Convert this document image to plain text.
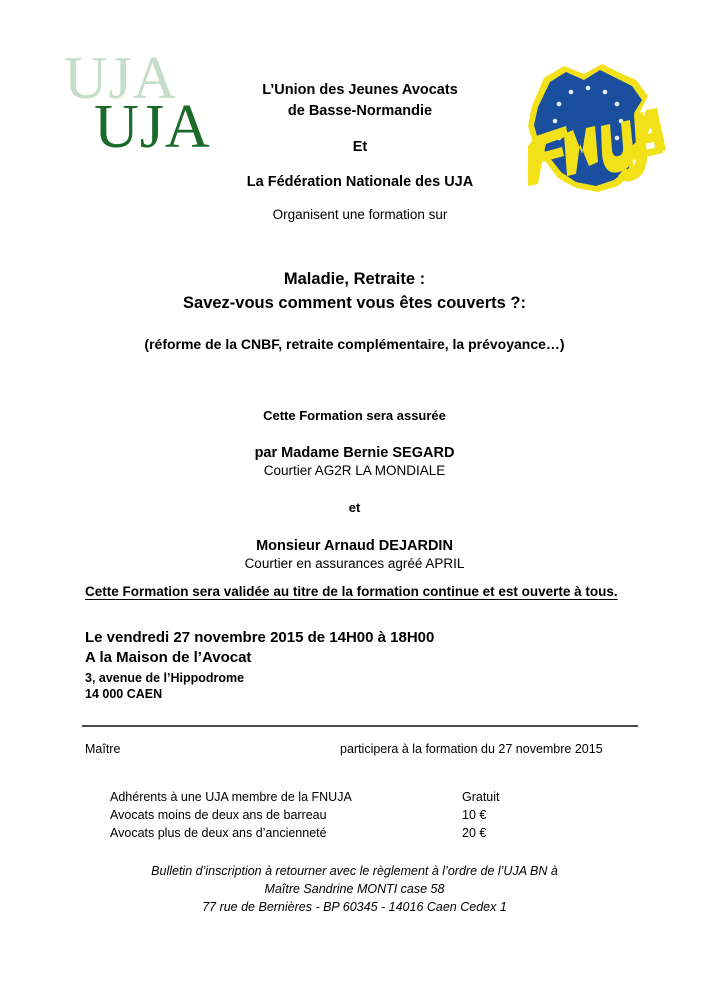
UJA
UJA
L’Union des Jeunes Avocats
de Basse-Normandie
Et
La Fédération Nationale des UJA
Organisent une formation sur
Maladie, Retraite :
Savez-vous comment vous êtes couverts ?:
(réforme de la CNBF, retraite complémentaire, la prévoyance…)
Cette Formation sera assurée
par Madame Bernie SEGARD
Courtier AG2R LA MONDIALE
et
Monsieur Arnaud DEJARDIN
Courtier en assurances agréé APRIL
Cette Formation sera validée au titre de la formation continue et est ouverte à tous.
Le vendredi 27 novembre 2015 de 14H00 à 18H00
A la Maison de l’Avocat
3, avenue de l’Hippodrome
14 000 CAEN
Maître	participera à la formation du 27 novembre 2015
Adhérents à une UJA membre de la FNUJA	Gratuit
Avocats moins de deux ans de barreau	10 €
Avocats plus de deux ans d’ancienneté	20 €
Bulletin d’inscription à retourner avec le règlement à l’ordre de l’UJA BN à
Maître Sandrine MONTI case 58
77 rue de Bernières - BP 60345 - 14016 Caen Cedex 1
